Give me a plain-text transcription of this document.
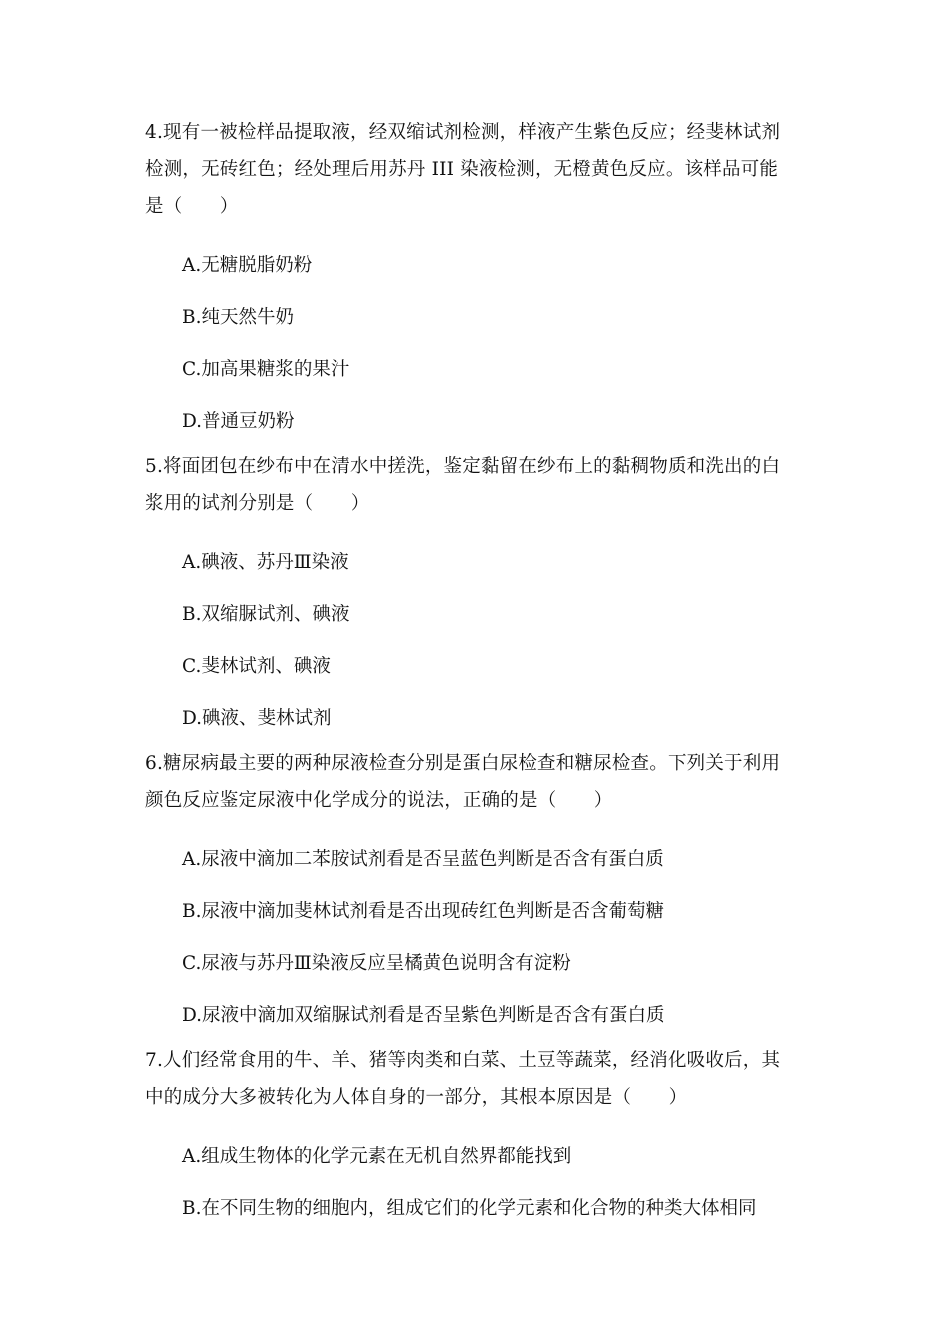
4.现有一被检样品提取液，经双缩试剂检测，样液产生紫色反应；经斐林试剂
检测，无砖红色；经处理后用苏丹 III 染液检测，无橙黄色反应。该样品可能
是（　　）
A.无糖脱脂奶粉
B.纯天然牛奶
C.加高果糖浆的果汁
D.普通豆奶粉
5.将面团包在纱布中在清水中搓洗，鉴定黏留在纱布上的黏稠物质和洗出的白
浆用的试剂分别是（　　）
A.碘液、苏丹Ⅲ染液
B.双缩脲试剂、碘液
C.斐林试剂、碘液
D.碘液、斐林试剂
6.糖尿病最主要的两种尿液检查分别是蛋白尿检查和糖尿检查。下列关于利用
颜色反应鉴定尿液中化学成分的说法，正确的是（　　）
A.尿液中滴加二苯胺试剂看是否呈蓝色判断是否含有蛋白质
B.尿液中滴加斐林试剂看是否出现砖红色判断是否含葡萄糖
C.尿液与苏丹Ⅲ染液反应呈橘黄色说明含有淀粉
D.尿液中滴加双缩脲试剂看是否呈紫色判断是否含有蛋白质
7.人们经常食用的牛、羊、猪等肉类和白菜、土豆等蔬菜，经消化吸收后，其
中的成分大多被转化为人体自身的一部分，其根本原因是（　　）
A.组成生物体的化学元素在无机自然界都能找到
B.在不同生物的细胞内，组成它们的化学元素和化合物的种类大体相同
